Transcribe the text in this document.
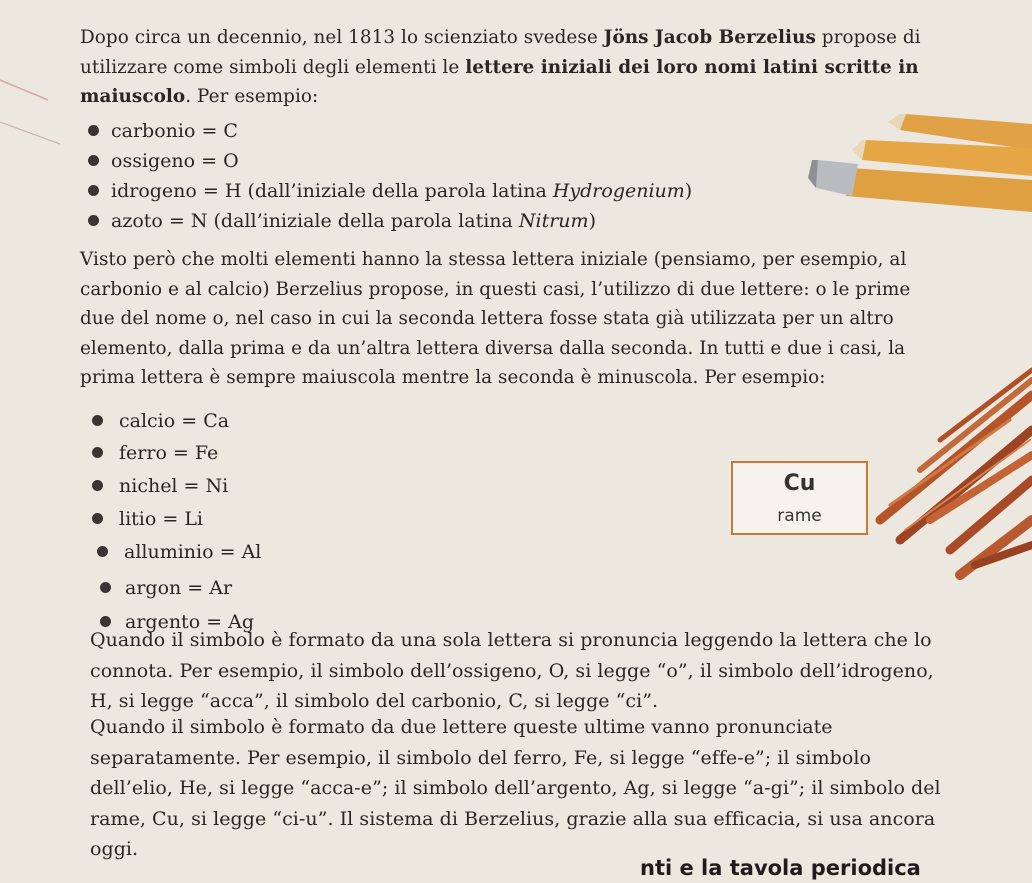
Dopo circa un decennio, nel 1813 lo scienziato svedese Jöns Jacob Berzelius propose di utilizzare come simboli degli elementi le lettere iniziali dei loro nomi latini scritte in maiuscolo. Per esempio:

carbonio = C
ossigeno = O
idrogeno = H (dall’iniziale della parola latina Hydrogenium)
azoto = N (dall’iniziale della parola latina Nitrum)

Visto però che molti elementi hanno la stessa lettera iniziale (pensiamo, per esempio, al carbonio e al calcio) Berzelius propose, in questi casi, l’utilizzo di due lettere: o le prime due del nome o, nel caso in cui la seconda lettera fosse stata già utilizzata per un altro elemento, dalla prima e da un’altra lettera diversa dalla seconda. In tutti e due i casi, la prima lettera è sempre maiuscola mentre la seconda è minuscola. Per esempio:

calcio = Ca
ferro = Fe
nichel = Ni
litio = Li
alluminio = Al
argon = Ar
argento = Ag
Cu
rame

Quando il simbolo è formato da una sola lettera si pronuncia leggendo la lettera che lo connota. Per esempio, il simbolo dell’ossigeno, O, si legge “o”, il simbolo dell’idrogeno, H, si legge “acca”, il simbolo del carbonio, C, si legge “ci”.

Quando il simbolo è formato da due lettere queste ultime vanno pronunciate separatamente. Per esempio, il simbolo del ferro, Fe, si legge “effe-e”; il simbolo dell’elio, He, si legge “acca-e”; il simbolo dell’argento, Ag, si legge “a-gi”; il simbolo del rame, Cu, si legge “ci-u”. Il sistema di Berzelius, grazie alla sua efficacia, si usa ancora oggi.

nti e la tavola periodica
